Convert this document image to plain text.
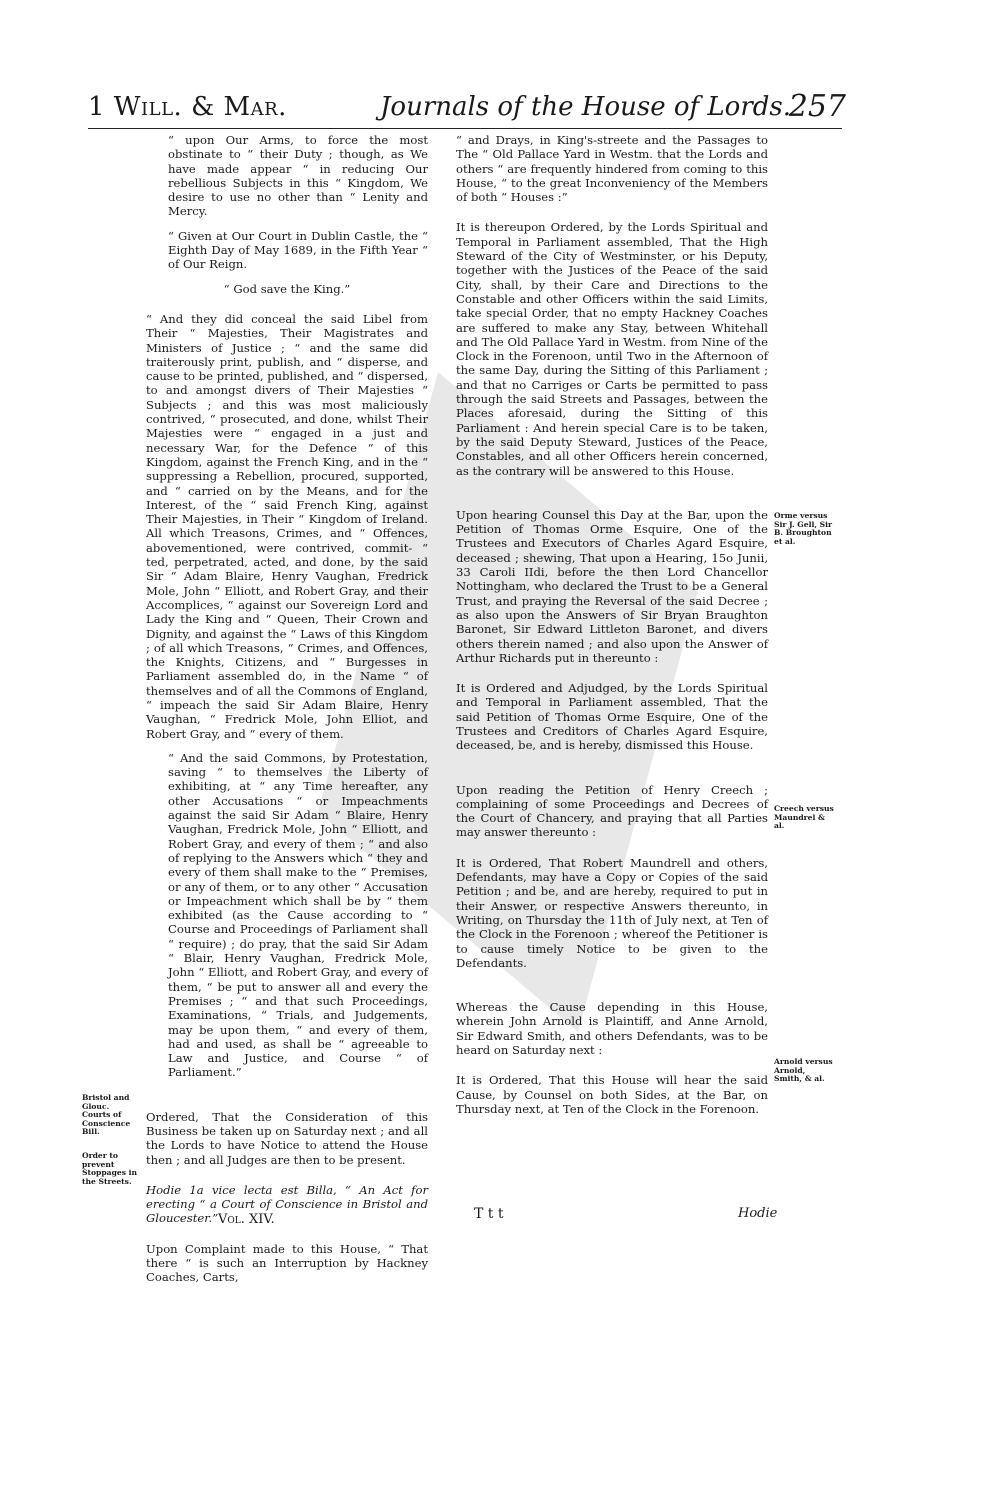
1 Will. & Mar.	Journals of the House of Lords.
257

“ upon Our Arms, to force the most obstinate to “ their Duty ; though, as We have made appear “ in reducing Our rebellious Subjects in this “ Kingdom, We desire to use no other than “ Lenity and Mercy.

“ Given at Our Court in Dublin Castle, the “ Eighth Day of May 1689, in the Fifth Year “ of Our Reign.

“ God save the King.”

“ And they did conceal the said Libel from Their “ Majesties, Their Magistrates and Ministers of Justice ; “ and the same did traiterously print, publish, and “ disperse, and cause to be printed, published, and “ dispersed, to and amongst divers of Their Majesties “ Subjects ; and this was most maliciously contrived, “ prosecuted, and done, whilst Their Majesties were “ engaged in a just and necessary War, for the Defence “ of this Kingdom, against the French King, and in the “ suppressing a Rebellion, procured, supported, and “ carried on by the Means, and for the Interest, of the “ said French King, against Their Majesties, in Their “ Kingdom of Ireland. All which Treasons, Crimes, and “ Offences, abovementioned, were contrived, commit- “ ted, perpetrated, acted, and done, by the said Sir “ Adam Blaire, Henry Vaughan, Fredrick Mole, John “ Elliott, and Robert Gray, and their Accomplices, “ against our Sovereign Lord and Lady the King and “ Queen, Their Crown and Dignity, and against the “ Laws of this Kingdom ; of all which Treasons, “ Crimes, and Offences, the Knights, Citizens, and “ Burgesses in Parliament assembled do, in the Name “ of themselves and of all the Commons of England, “ impeach the said Sir Adam Blaire, Henry Vaughan, “ Fredrick Mole, John Elliot, and Robert Gray, and “ every of them.

“ And the said Commons, by Protestation, saving “ to themselves the Liberty of exhibiting, at “ any Time hereafter, any other Accusations “ or Impeachments against the said Sir Adam “ Blaire, Henry Vaughan, Fredrick Mole, John “ Elliott, and Robert Gray, and every of them ; “ and also of replying to the Answers which “ they and every of them shall make to the “ Premises, or any of them, or to any other “ Accusation or Impeachment which shall be by “ them exhibited (as the Cause according to “ Course and Proceedings of Parliament shall “ require) ; do pray, that the said Sir Adam “ Blair, Henry Vaughan, Fredrick Mole, John “ Elliott, and Robert Gray, and every of them, “ be put to answer all and every the Premises ; “ and that such Proceedings, Examinations, “ Trials, and Judgements, may be upon them, “ and every of them, had and used, as shall be “ agreeable to Law and Justice, and Course “ of Parliament.”

Ordered, That the Consideration of this Business be taken up on Saturday next ; and all the Lords to have Notice to attend the House then ; and all Judges are then to be present.

Hodie 1a vice lecta est Billa, “ An Act for erecting “ a Court of Conscience in Bristol and Gloucester.”

Upon Complaint made to this House, “ That there “ is such an Interruption by Hackney Coaches, Carts,

“ and Drays, in King's-streete and the Passages to The “ Old Pallace Yard in Westm. that the Lords and others “ are frequently hindered from coming to this House, “ to the great Inconveniency of the Members of both “ Houses :”

It is thereupon Ordered, by the Lords Spiritual and Temporal in Parliament assembled, That the High Steward of the City of Westminster, or his Deputy, together with the Justices of the Peace of the said City, shall, by their Care and Directions to the Constable and other Officers within the said Limits, take special Order, that no empty Hackney Coaches are suffered to make any Stay, between Whitehall and The Old Pallace Yard in Westm. from Nine of the Clock in the Forenoon, until Two in the Afternoon of the same Day, during the Sitting of this Parliament ; and that no Carriges or Carts be permitted to pass through the said Streets and Passages, between the Places aforesaid, during the Sitting of this Parliament : And herein special Care is to be taken, by the said Deputy Steward, Justices of the Peace, Constables, and all other Officers herein concerned, as the contrary will be answered to this House.

Upon hearing Counsel this Day at the Bar, upon the Petition of Thomas Orme Esquire, One of the Trustees and Executors of Charles Agard Esquire, deceased ; shewing, That upon a Hearing, 15o Junii, 33 Caroli IIdi, before the then Lord Chancellor Nottingham, who declared the Trust to be a General Trust, and praying the Reversal of the said Decree ; as also upon the Answers of Sir Bryan Braughton Baronet, Sir Edward Littleton Baronet, and divers others therein named ; and also upon the Answer of Arthur Richards put in thereunto :

It is Ordered and Adjudged, by the Lords Spiritual and Temporal in Parliament assembled, That the said Petition of Thomas Orme Esquire, One of the Trustees and Creditors of Charles Agard Esquire, deceased, be, and is hereby, dismissed this House.

Upon reading the Petition of Henry Creech ; complaining of some Proceedings and Decrees of the Court of Chancery, and praying that all Parties may answer thereunto :

It is Ordered, That Robert Maundrell and others, Defendants, may have a Copy or Copies of the said Petition ; and be, and are hereby, required to put in their Answer, or respective Answers thereunto, in Writing, on Thursday the 11th of July next, at Ten of the Clock in the Forenoon ; whereof the Petitioner is to cause timely Notice to be given to the Defendants.

Whereas the Cause depending in this House, wherein John Arnold is Plaintiff, and Anne Arnold, Sir Edward Smith, and others Defendants, was to be heard on Saturday next :

It is Ordered, That this House will hear the said Cause, by Counsel on both Sides, at the Bar, on Thursday next, at Ten of the Clock in the Forenoon.

Bristol and Glouc. Courts of Conscience Bill.
Order to prevent Stoppages in the Streets.
Orme versus Sir J. Gell, Sir B. Broughton et al.
Creech versus Maundrel & al.
Arnold versus Arnold, Smith, & al.
Vol. XIV.	T t t	Hodie
